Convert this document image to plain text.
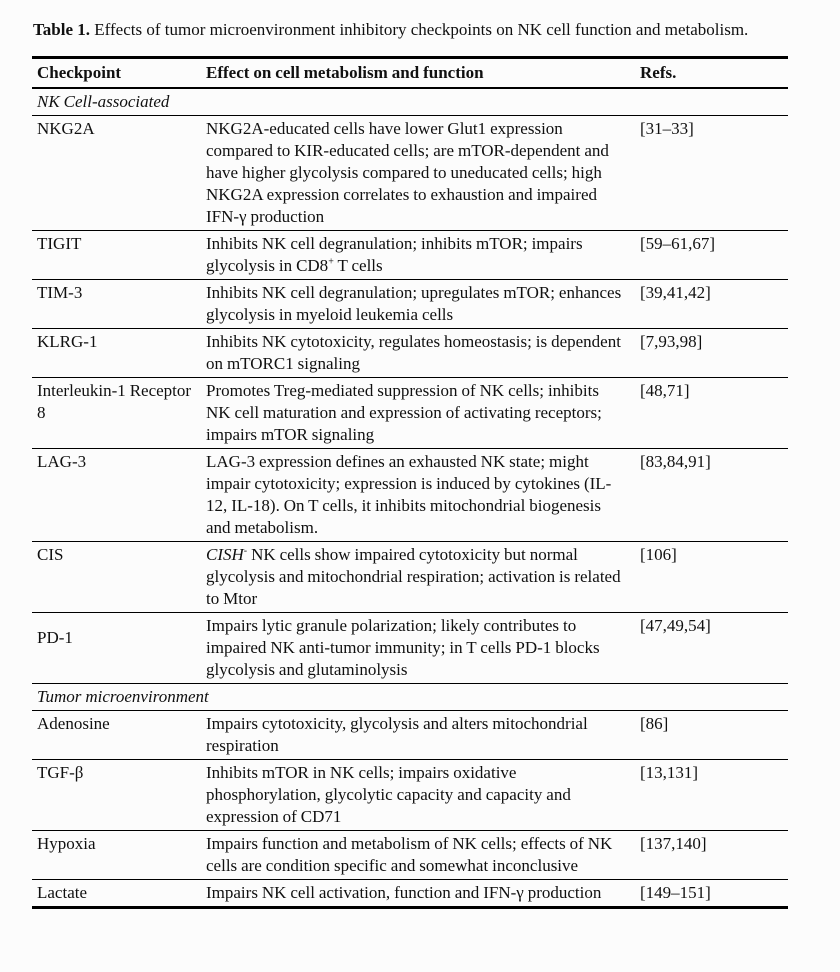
Table 1. Effects of tumor microenvironment inhibitory checkpoints on NK cell function and metabolism.

Checkpoint	Effect on cell metabolism and function	Refs.
NK Cell-associated		
NKG2A	NKG2A-educated cells have lower Glut1 expression compared to KIR-educated cells; are mTOR-dependent and have higher glycolysis compared to uneducated cells; high NKG2A expression correlates to exhaustion and impaired IFN-γ production	[31–33]
TIGIT	Inhibits NK cell degranulation; inhibits mTOR; impairs glycolysis in CD8+ T cells	[59–61,67]
TIM-3	Inhibits NK cell degranulation; upregulates mTOR; enhances glycolysis in myeloid leukemia cells	[39,41,42]
KLRG-1	Inhibits NK cytotoxicity, regulates homeostasis; is dependent on mTORC1 signaling	[7,93,98]
Interleukin-1 Receptor 8	Promotes Treg-mediated suppression of NK cells; inhibits NK cell maturation and expression of activating receptors; impairs mTOR signaling	[48,71]
LAG-3	LAG-3 expression defines an exhausted NK state; might impair cytotoxicity; expression is induced by cytokines (IL-12, IL-18). On T cells, it inhibits mitochondrial biogenesis and metabolism.	[83,84,91]
CIS	CISH- NK cells show impaired cytotoxicity but normal glycolysis and mitochondrial respiration; activation is related to Mtor	[106]
PD-1	Impairs lytic granule polarization; likely contributes to impaired NK anti-tumor immunity; in T cells PD-1 blocks glycolysis and glutaminolysis	[47,49,54]
Tumor microenvironment		
Adenosine	Impairs cytotoxicity, glycolysis and alters mitochondrial respiration	[86]
TGF-β	Inhibits mTOR in NK cells; impairs oxidative phosphorylation, glycolytic capacity and capacity and expression of CD71	[13,131]
Hypoxia	Impairs function and metabolism of NK cells; effects of NK cells are condition specific and somewhat inconclusive	[137,140]
Lactate	Impairs NK cell activation, function and IFN-γ production	[149–151]
